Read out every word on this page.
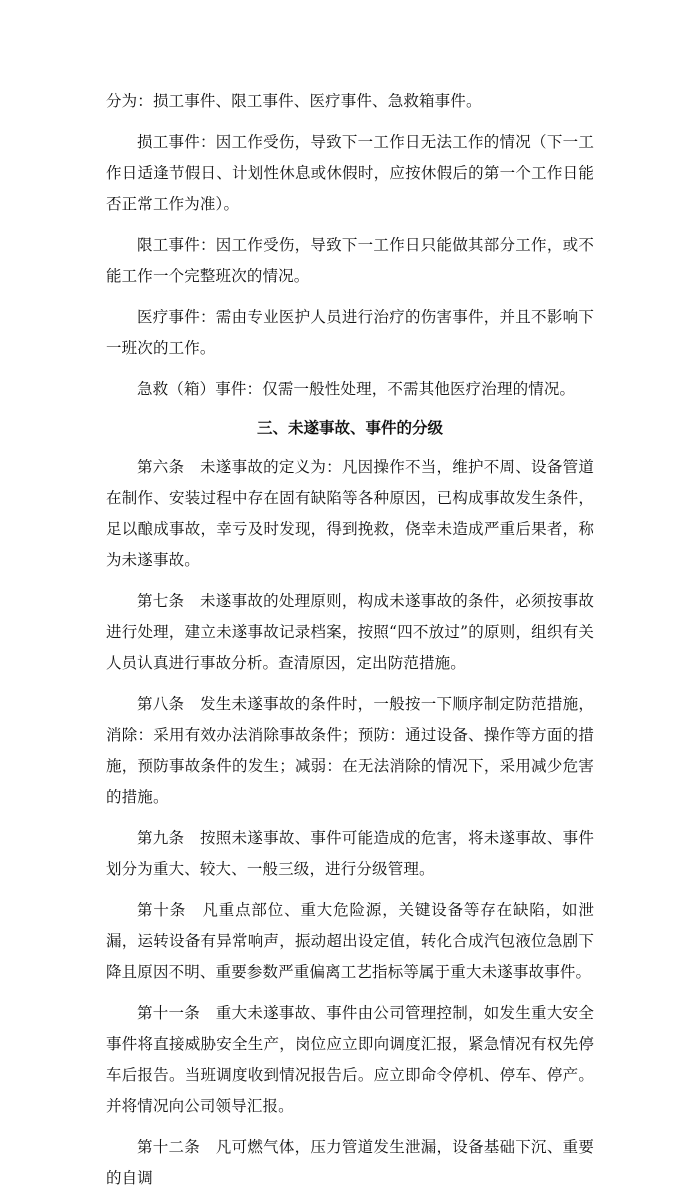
分为：损工事件、限工事件、医疗事件、急救箱事件。

损工事件：因工作受伤，导致下一工作日无法工作的情况（下一工作日适逢节假日、计划性休息或休假时，应按休假后的第一个工作日能否正常工作为准）。

限工事件：因工作受伤，导致下一工作日只能做其部分工作，或不能工作一个完整班次的情况。

医疗事件：需由专业医护人员进行治疗的伤害事件，并且不影响下一班次的工作。

急救（箱）事件：仅需一般性处理，不需其他医疗治理的情况。

三、未遂事故、事件的分级

第六条　未遂事故的定义为：凡因操作不当，维护不周、设备管道在制作、安装过程中存在固有缺陷等各种原因，已构成事故发生条件，足以酿成事故，幸亏及时发现，得到挽救，侥幸未造成严重后果者，称为未遂事故。

第七条　未遂事故的处理原则，构成未遂事故的条件，必须按事故进行处理，建立未遂事故记录档案，按照“四不放过”的原则，组织有关人员认真进行事故分析。查清原因，定出防范措施。

第八条　发生未遂事故的条件时，一般按一下顺序制定防范措施，消除：采用有效办法消除事故条件；预防：通过设备、操作等方面的措施，预防事故条件的发生；减弱：在无法消除的情况下，采用减少危害的措施。

第九条　按照未遂事故、事件可能造成的危害，将未遂事故、事件划分为重大、较大、一般三级，进行分级管理。

第十条　凡重点部位、重大危险源，关键设备等存在缺陷，如泄漏，运转设备有异常响声，振动超出设定值，转化合成汽包液位急剧下降且原因不明、重要参数严重偏离工艺指标等属于重大未遂事故事件。

第十一条　重大未遂事故、事件由公司管理控制，如发生重大安全事件将直接威胁安全生产，岗位应立即向调度汇报，紧急情况有权先停车后报告。当班调度收到情况报告后。应立即命令停机、停车、停产。并将情况向公司领导汇报。

第十二条　凡可燃气体，压力管道发生泄漏，设备基础下沉、重要的自调
